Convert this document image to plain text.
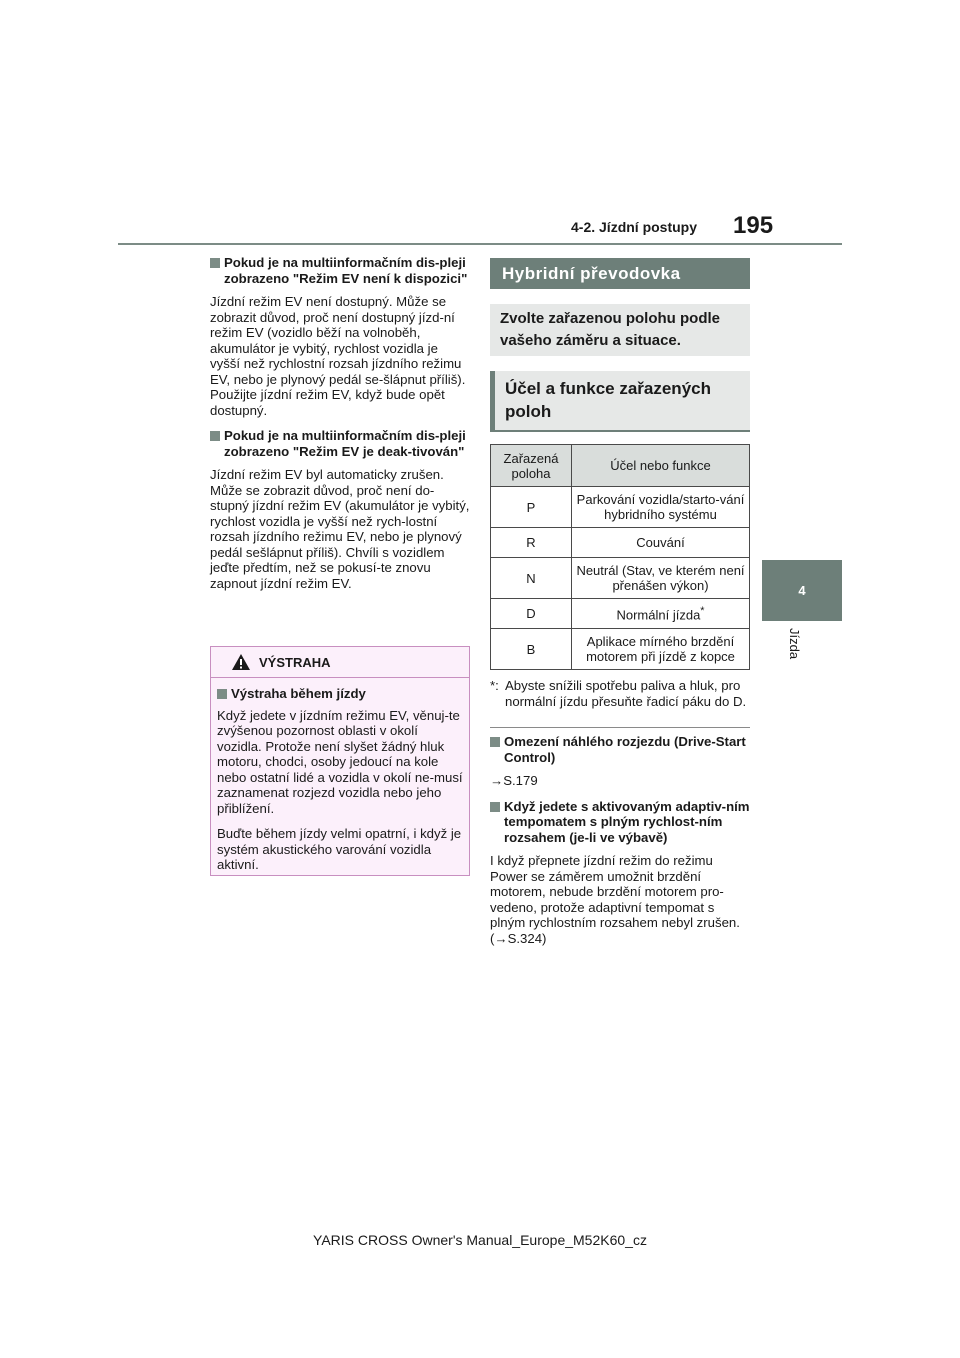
4-2. Jízdní postupy 195
4
Jízda
Pokud je na multiinformačním dis-pleji zobrazeno "Režim EV není k dispozici"

Jízdní režim EV není dostupný. Může se zobrazit důvod, proč není dostupný jízd-ní režim EV (vozidlo běží na volnoběh, akumulátor je vybitý, rychlost vozidla je vyšší než rychlostní rozsah jízdního režimu EV, nebo je plynový pedál se-šlápnut příliš). Použijte jízdní režim EV, když bude opět dostupný.

Pokud je na multiinformačním dis-pleji zobrazeno "Režim EV je deak-tivován"

Jízdní režim EV byl automaticky zrušen. Může se zobrazit důvod, proč není do-stupný jízdní režim EV (akumulátor je vybitý, rychlost vozidla je vyšší než rych-lostní rozsah jízdního režimu EV, nebo je plynový pedál sešlápnut příliš). Chvíli s vozidlem jeďte předtím, než se pokusí-te znovu zapnout jízdní režim EV.

VÝSTRAHA
Výstraha během jízdy

Když jedete v jízdním režimu EV, věnuj-te zvýšenou pozornost oblasti v okolí vozidla. Protože není slyšet žádný hluk motoru, chodci, osoby jedoucí na kole nebo ostatní lidé a vozidla v okolí ne-musí zaznamenat rozjezd vozidla nebo jeho přiblížení.

Buďte během jízdy velmi opatrní, i když je systém akustického varování vozidla aktivní.

Hybridní převodovka
Zvolte zařazenou polohu podle vašeho záměru a situace.
Účel a funkce zařazených poloh
Zařazená poloha	Účel nebo funkce
P	Parkování vozidla/starto-vání hybridního systému
R	Couvání
N	Neutrál (Stav, ve kterém není přenášen výkon)
D	Normální jízda*
B	Aplikace mírného brzdění motorem při jízdě z kopce
*: Abyste snížili spotřebu paliva a hluk, pro normální jízdu přesuňte řadicí páku do D.
Omezení náhlého rozjezdu (Drive-Start Control)

→S.179

Když jedete s aktivovaným adaptiv-ním tempomatem s plným rychlost-ním rozsahem (je-li ve výbavě)

I když přepnete jízdní režim do režimu Power se záměrem umožnit brzdění motorem, nebude brzdění motorem pro-vedeno, protože adaptivní tempomat s plným rychlostním rozsahem nebyl zrušen. (→S.324)

YARIS CROSS Owner's Manual_Europe_M52K60_cz
